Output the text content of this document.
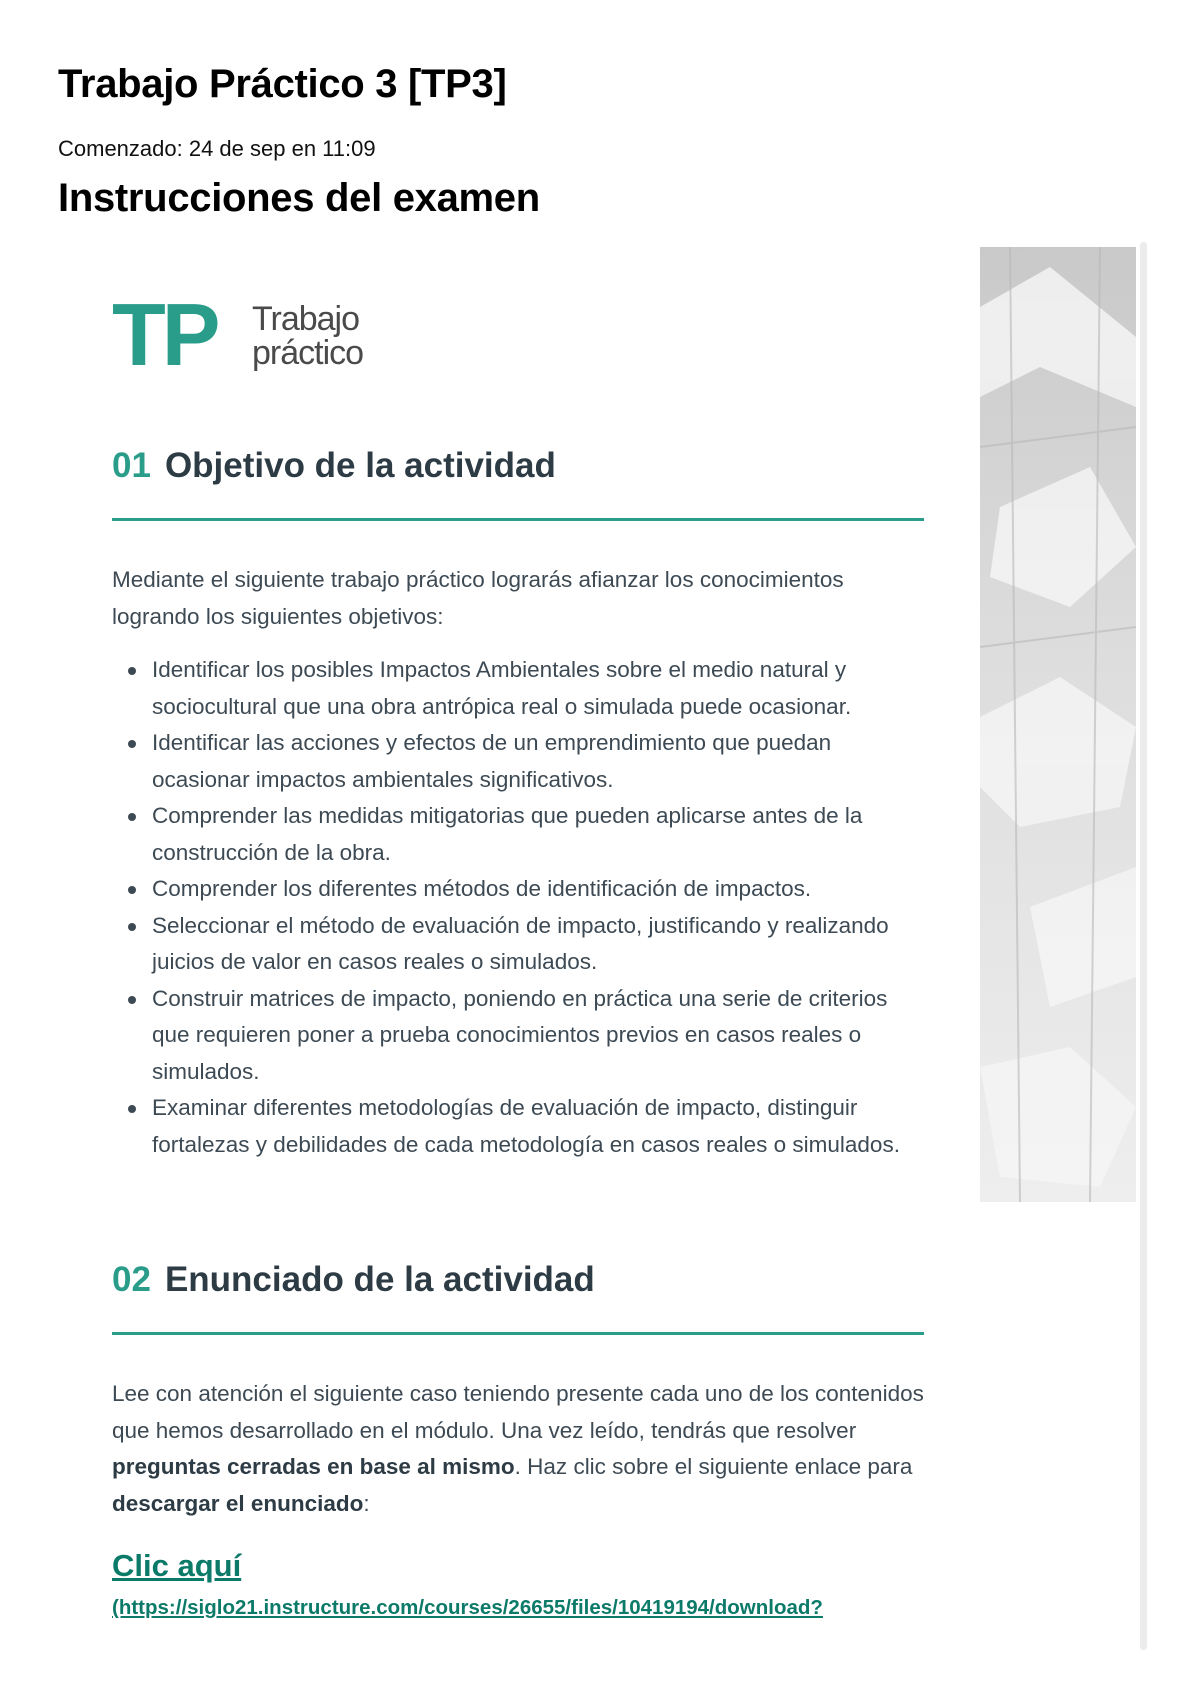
Trabajo Práctico 3 [TP3]
Comenzado: 24 de sep en 11:09
Instrucciones del examen
TP Trabajo
práctico
01 Objetivo de la actividad

Mediante el siguiente trabajo práctico lograrás afianzar los conocimientos logrando los siguientes objetivos:

Identificar los posibles Impactos Ambientales sobre el medio natural y sociocultural que una obra antrópica real o simulada puede ocasionar.
Identificar las acciones y efectos de un emprendimiento que puedan ocasionar impactos ambientales significativos.
Comprender las medidas mitigatorias que pueden aplicarse antes de la construcción de la obra.
Comprender los diferentes métodos de identificación de impactos.
Seleccionar el método de evaluación de impacto, justificando y realizando juicios de valor en casos reales o simulados.
Construir matrices de impacto, poniendo en práctica una serie de criterios que requieren poner a prueba conocimientos previos en casos reales o simulados.
Examinar diferentes metodologías de evaluación de impacto, distinguir fortalezas y debilidades de cada metodología en casos reales o simulados.
02 Enunciado de la actividad

Lee con atención el siguiente caso teniendo presente cada uno de los contenidos que hemos desarrollado en el módulo. Una vez leído, tendrás que resolver preguntas cerradas en base al mismo. Haz clic sobre el siguiente enlace para descargar el enunciado:

Clic aquí
(https://siglo21.instructure.com/courses/26655/files/10419194/download?
